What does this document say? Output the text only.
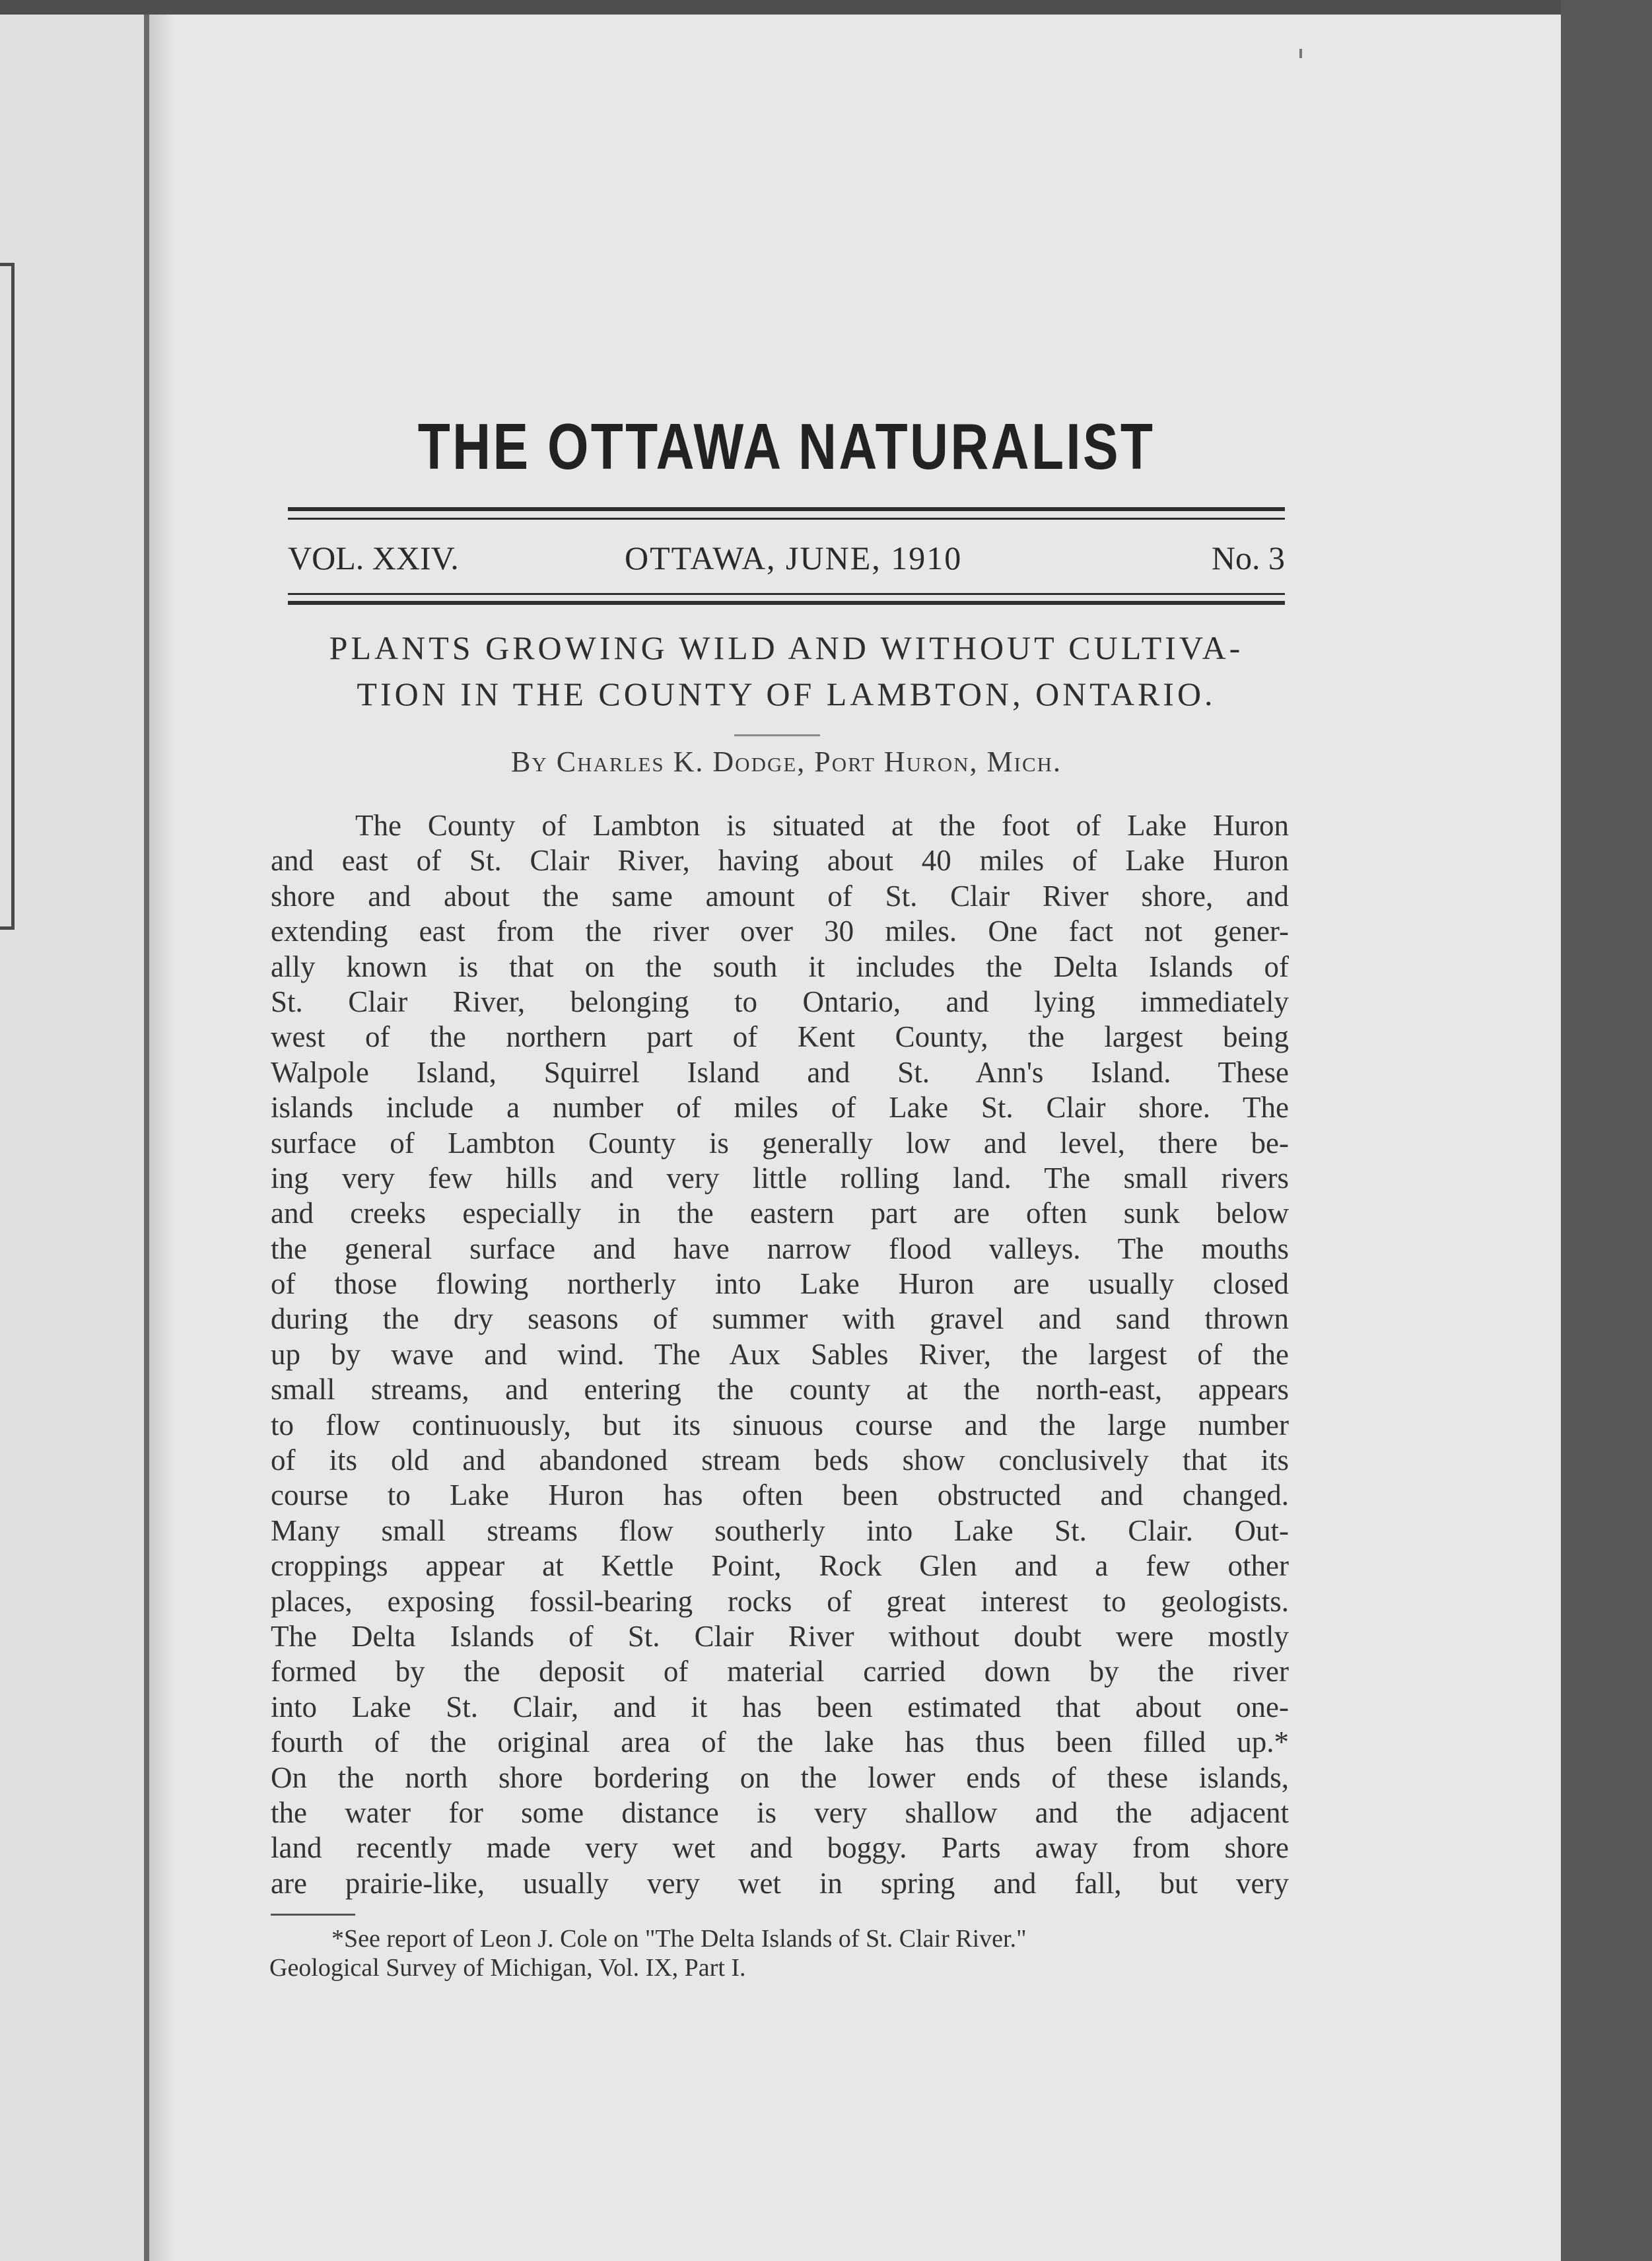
THE OTTAWA NATURALIST
VOL. XXIV.	OTTAWA, JUNE, 1910	No. 3
PLANTS GROWING WILD AND WITHOUT CULTIVA-
TION IN THE COUNTY OF LAMBTON, ONTARIO.
By Charles K. Dodge, Port Huron, Mich.
The County of Lambton is situated at the foot of Lake Huron
and east of St. Clair River, having about 40 miles of Lake Huron
shore and about the same amount of St. Clair River shore, and
extending east from the river over 30 miles. One fact not gener-
ally known is that on the south it includes the Delta Islands of
St. Clair River, belonging to Ontario, and lying immediately
west of the northern part of Kent County, the largest being
Walpole Island, Squirrel Island and St. Ann's Island. These
islands include a number of miles of Lake St. Clair shore. The
surface of Lambton County is generally low and level, there be-
ing very few hills and very little rolling land. The small rivers
and creeks especially in the eastern part are often sunk below
the general surface and have narrow flood valleys. The mouths
of those flowing northerly into Lake Huron are usually closed
during the dry seasons of summer with gravel and sand thrown
up by wave and wind. The Aux Sables River, the largest of the
small streams, and entering the county at the north-east, appears
to flow continuously, but its sinuous course and the large number
of its old and abandoned stream beds show conclusively that its
course to Lake Huron has often been obstructed and changed.
Many small streams flow southerly into Lake St. Clair. Out-
croppings appear at Kettle Point, Rock Glen and a few other
places, exposing fossil-bearing rocks of great interest to geologists.
The Delta Islands of St. Clair River without doubt were mostly
formed by the deposit of material carried down by the river
into Lake St. Clair, and it has been estimated that about one-
fourth of the original area of the lake has thus been filled up.*
On the north shore bordering on the lower ends of these islands,
the water for some distance is very shallow and the adjacent
land recently made very wet and boggy. Parts away from shore
are prairie-like, usually very wet in spring and fall, but very
*See report of Leon J. Cole on "The Delta Islands of St. Clair River."
Geological Survey of Michigan, Vol. IX, Part I.
